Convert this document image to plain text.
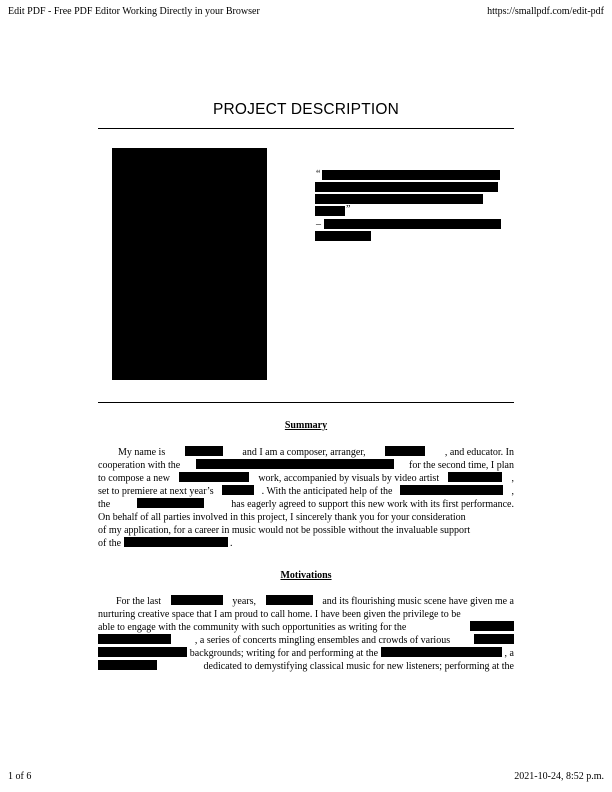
Edit PDF - Free PDF Editor Working Directly in your Browser	https://smallpdf.com/edit-pdf
PROJECT DESCRIPTION
“
”
–
Summary
My name is	and I am a composer, arranger,	, and educator. In
cooperation with the	for the second time, I plan
to compose a new	work, accompanied by visuals by video artist	,
set to premiere at next year’s	. With the anticipated help of the	,
the	has eagerly agreed to support this new work with its first performance.
On behalf of all parties involved in this project, I sincerely thank you for your consideration
of my application, for a career in music would not be possible without the invaluable support
of the	.
Motivations
For the last	years,	and its flourishing music scene have given me a
nurturing creative space that I am proud to call home. I have been given the privilege to be
able to engage with the community with such opportunities as writing for the
, a series of concerts mingling ensembles and crowds of various
backgrounds; writing for and performing at the	, a
dedicated to demystifying classical music for new listeners; performing at the
1 of 6	2021-10-24, 8:52 p.m.
